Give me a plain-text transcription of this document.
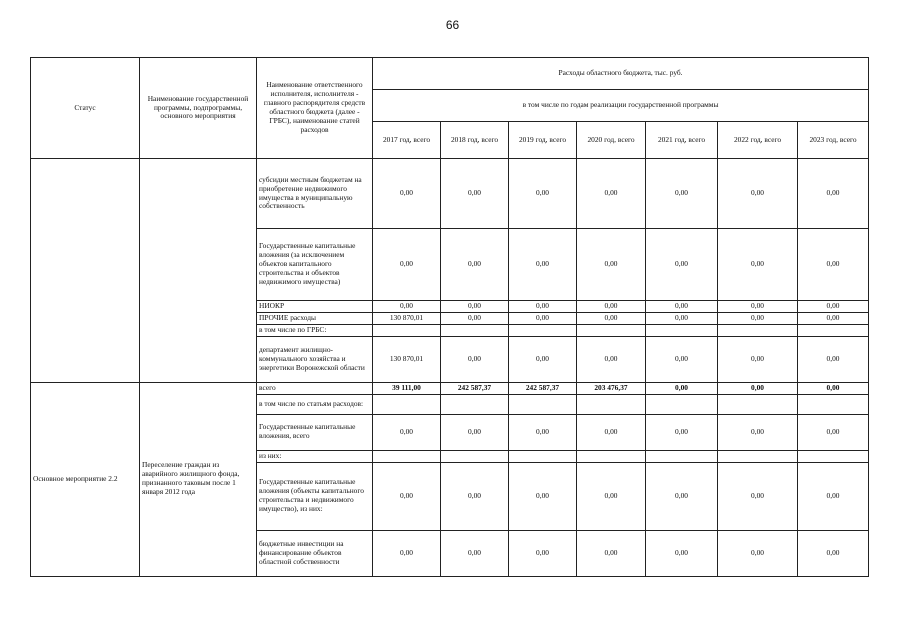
66
Статус	Наименование государственной программы, подпрограммы, основного мероприятия	Наименование ответственного исполнителя, исполнителя - главного распорядителя средств областного бюджета (далее - ГРБС), наименование статей расходов	Расходы областного бюджета, тыс. руб.						
			в том числе по годам реализации государственной программы						
			2017 год, всего	2018 год, всего	2019 год, всего	2020 год, всего	2021 год, всего	2022 год, всего	2023 год, всего
		субсидии местным бюджетам на приобретение недвижимого имущества в муниципальную собственность	0,00	0,00	0,00	0,00	0,00	0,00	0,00
		Государственные капитальные вложения (за исключением объектов капитального строительства и объектов недвижимого имущества)	0,00	0,00	0,00	0,00	0,00	0,00	0,00
		НИОКР	0,00	0,00	0,00	0,00	0,00	0,00	0,00
		ПРОЧИЕ расходы	130 870,01	0,00	0,00	0,00	0,00	0,00	0,00
		в том числе по ГРБС:							
		департамент жилищно-коммунального хозяйства и энергетики Воронежской области	130 870,01	0,00	0,00	0,00	0,00	0,00	0,00
Основное мероприятие 2.2	Переселение граждан из аварийного жилищного фонда, признанного таковым после 1 января 2012 года	всего	39 111,00	242 587,37	242 587,37	203 476,37	0,00	0,00	0,00
		в том числе по статьям расходов:							
		Государственные капитальные вложения, всего	0,00	0,00	0,00	0,00	0,00	0,00	0,00
		из них:							
		Государственные капитальные вложения (объекты капитального строительства и недвижимого имущество), из них:	0,00	0,00	0,00	0,00	0,00	0,00	0,00
		бюджетные инвестиции на финансирование объектов областной собственности	0,00	0,00	0,00	0,00	0,00	0,00	0,00
